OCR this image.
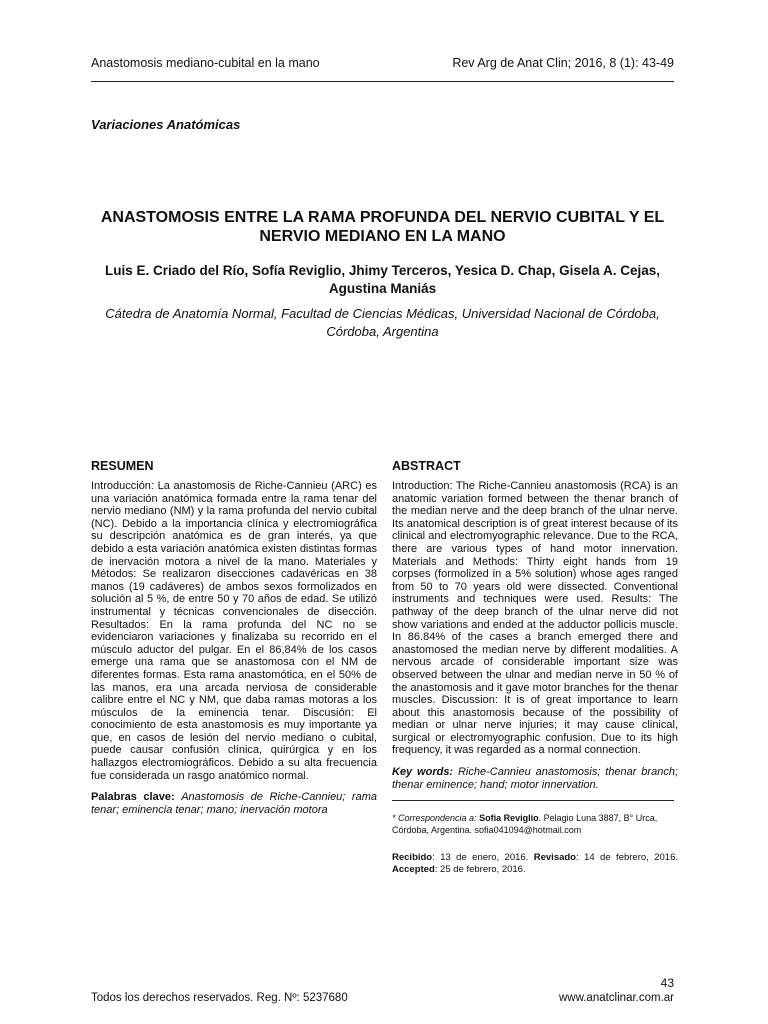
Anastomosis mediano-cubital en la mano	Rev Arg de Anat Clin; 2016, 8 (1): 43-49
Variaciones Anatómicas
ANASTOMOSIS ENTRE LA RAMA PROFUNDA DEL NERVIO CUBITAL Y EL NERVIO MEDIANO EN LA MANO
Luis E. Criado del Río, Sofía Reviglio, Jhimy Terceros, Yesica D. Chap, Gisela A. Cejas, Agustina Maniás
Cátedra de Anatomía Normal, Facultad de Ciencias Médicas, Universidad Nacional de Córdoba, Córdoba, Argentina
RESUMEN

Introducción: La anastomosis de Riche-Cannieu (ARC) es una variación anatómica formada entre la rama tenar del nervio mediano (NM) y la rama profunda del nervio cubital (NC). Debido a la importancia clínica y electromiográfica su descripción anatómica es de gran interés, ya que debido a esta variación anatómica existen distintas formas de inervación motora a nivel de la mano. Materiales y Métodos: Se realizaron disecciones cadavéricas en 38 manos (19 cadáveres) de ambos sexos formolizados en solución al 5 %, de entre 50 y 70 años de edad. Se utilizó instrumental y técnicas convencionales de disección. Resultados: En la rama profunda del NC no se evidenciaron variaciones y finalizaba su recorrido en el músculo aductor del pulgar. En el 86,84% de los casos emerge una rama que se anastomosa con el NM de diferentes formas. Esta rama anastomótica, en el 50% de las manos, era una arcada nerviosa de considerable calibre entre el NC y NM, que daba ramas motoras a los músculos de la eminencia tenar. Discusión: El conocimiento de esta anastomosis es muy importante ya que, en casos de lesión del nervio mediano o cubital, puede causar confusión clínica, quirúrgica y en los hallazgos electromiográficos. Debido a su alta frecuencia fue considerada un rasgo anatómico normal.

Palabras clave: Anastomosis de Riche-Cannieu; rama tenar; eminencia tenar; mano; inervación motora

ABSTRACT

Introduction: The Riche-Cannieu anastomosis (RCA) is an anatomic variation formed between the thenar branch of the median nerve and the deep branch of the ulnar nerve. Its anatomical description is of great interest because of its clinical and electromyographic relevance. Due to the RCA, there are various types of hand motor innervation. Materials and Methods: Thirty eight hands from 19 corpses (formolized in a 5% solution) whose ages ranged from 50 to 70 years old were dissected. Conventional instruments and techniques were used. Results: The pathway of the deep branch of the ulnar nerve did not show variations and ended at the adductor pollicis muscle. In 86.84% of the cases a branch emerged there and anastomosed the median nerve by different modalities. A nervous arcade of considerable important size was observed between the ulnar and median nerve in 50 % of the anastomosis and it gave motor branches for the thenar muscles. Discussion: It is of great importance to learn about this anastomosis because of the possibility of median or ulnar nerve injuries; it may cause clinical, surgical or electromyographic confusion. Due to its high frequency, it was regarded as a normal connection.

Key words: Riche-Cannieu anastomosis; thenar branch; thenar eminence; hand; motor innervation.

* Correspondencia a: Sofía Reviglio. Pelagio Luna 3887, B° Urca, Córdoba, Argentina. sofia041094@hotmail.com

Recibido: 13 de enero, 2016. Revisado: 14 de febrero, 2016. Accepted: 25 de febrero, 2016.

43
Todos los derechos reservados. Reg. Nº: 5237680	www.anatclinar.com.ar
